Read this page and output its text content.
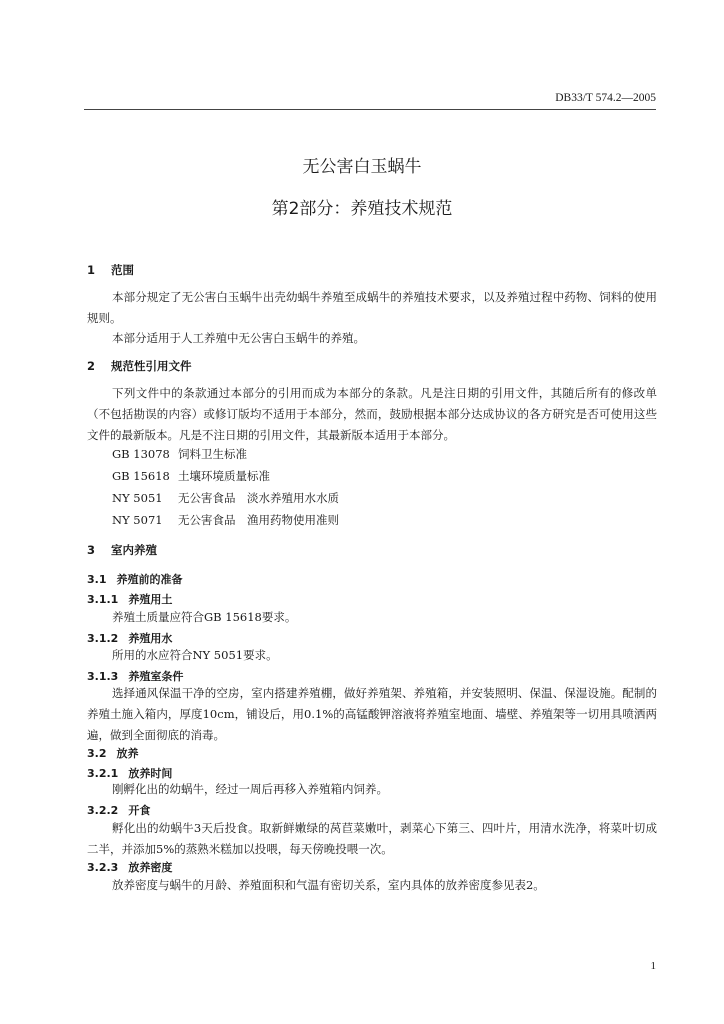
DB33/T 574.2—2005
无公害白玉蜗牛
第2部分：养殖技术规范
1 范围
本部分规定了无公害白玉蜗牛出壳幼蜗牛养殖至成蜗牛的养殖技术要求，以及养殖过程中药物、饲料的使用规则。
本部分适用于人工养殖中无公害白玉蜗牛的养殖。
2 规范性引用文件
下列文件中的条款通过本部分的引用而成为本部分的条款。凡是注日期的引用文件，其随后所有的修改单（不包括勘误的内容）或修订版均不适用于本部分，然而，鼓励根据本部分达成协议的各方研究是否可使用这些文件的最新版本。凡是不注日期的引用文件，其最新版本适用于本部分。
GB 13078 饲料卫生标准
GB 15618 土壤环境质量标准
NY 5051 无公害食品　淡水养殖用水水质
NY 5071 无公害食品　渔用药物使用准则
3 室内养殖
3.1 养殖前的准备
3.1.1 养殖用土
养殖土质量应符合GB 15618要求。
3.1.2 养殖用水
所用的水应符合NY 5051要求。
3.1.3 养殖室条件
选择通风保温干净的空房，室内搭建养殖棚，做好养殖架、养殖箱，并安装照明、保温、保湿设施。配制的养殖土施入箱内，厚度10cm，铺设后，用0.1%的高锰酸钾溶液将养殖室地面、墙壁、养殖架等一切用具喷洒两遍，做到全面彻底的消毒。
3.2 放养
3.2.1 放养时间
刚孵化出的幼蜗牛，经过一周后再移入养殖箱内饲养。
3.2.2 开食
孵化出的幼蜗牛3天后投食。取新鲜嫩绿的莴苣菜嫩叶，剥菜心下第三、四叶片，用清水洗净，将菜叶切成二半，并添加5%的蒸熟米糕加以投喂，每天傍晚投喂一次。
3.2.3 放养密度
放养密度与蜗牛的月龄、养殖面积和气温有密切关系，室内具体的放养密度参见表2。
1
